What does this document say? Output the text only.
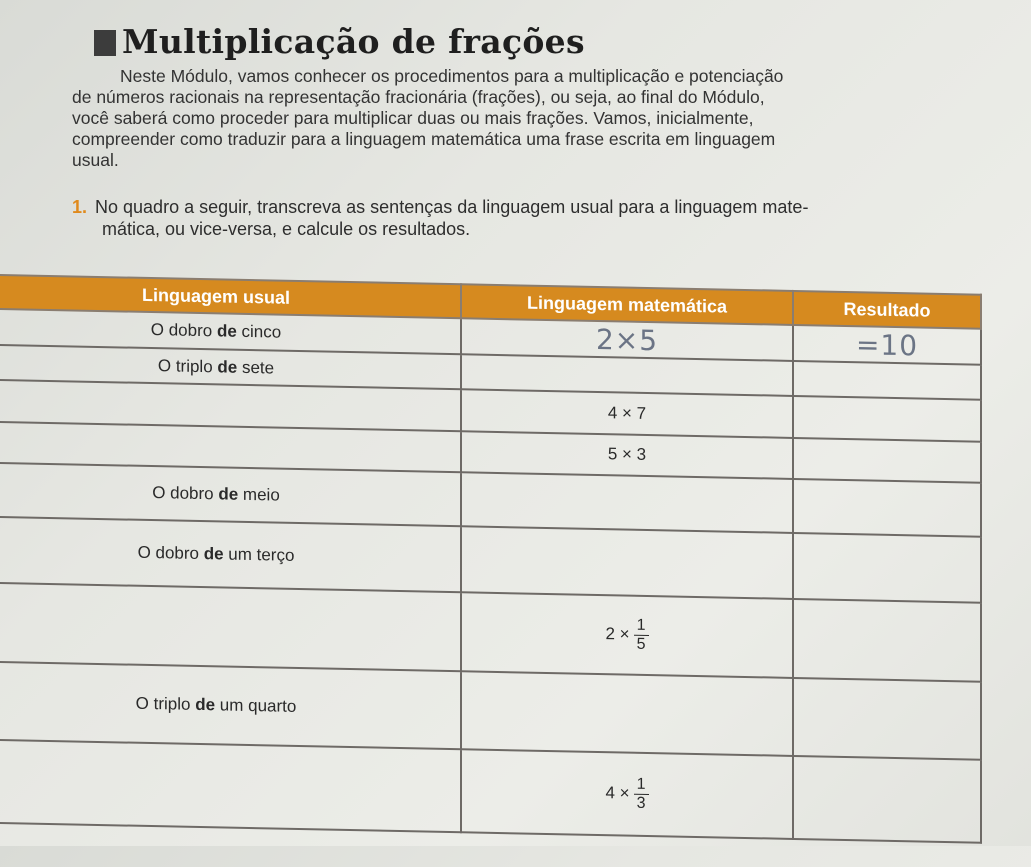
Multiplicação de frações

Neste Módulo, vamos conhecer os procedimentos para a multiplicação e potenciação
de números racionais na representação fracionária (frações), ou seja, ao final do Módulo,
você saberá como proceder para multiplicar duas ou mais frações. Vamos, inicialmente,
compreender como traduzir para a linguagem matemática uma frase escrita em linguagem
usual.

1. No quadro a seguir, transcreva as sentenças da linguagem usual para a linguagem mate-
mática, ou vice-versa, e calcule os resultados.

Linguagem usual	Linguagem matemática	Resultado
O dobro de cinco	2×5	=10
O triplo de sete		
	4 × 7	
	5 × 3	
O dobro de meio		
O dobro de um terço		
	$2 \times \frac{1}{5}$

O triplo de um quarto		
	$4 \times \frac{1}{3}$
